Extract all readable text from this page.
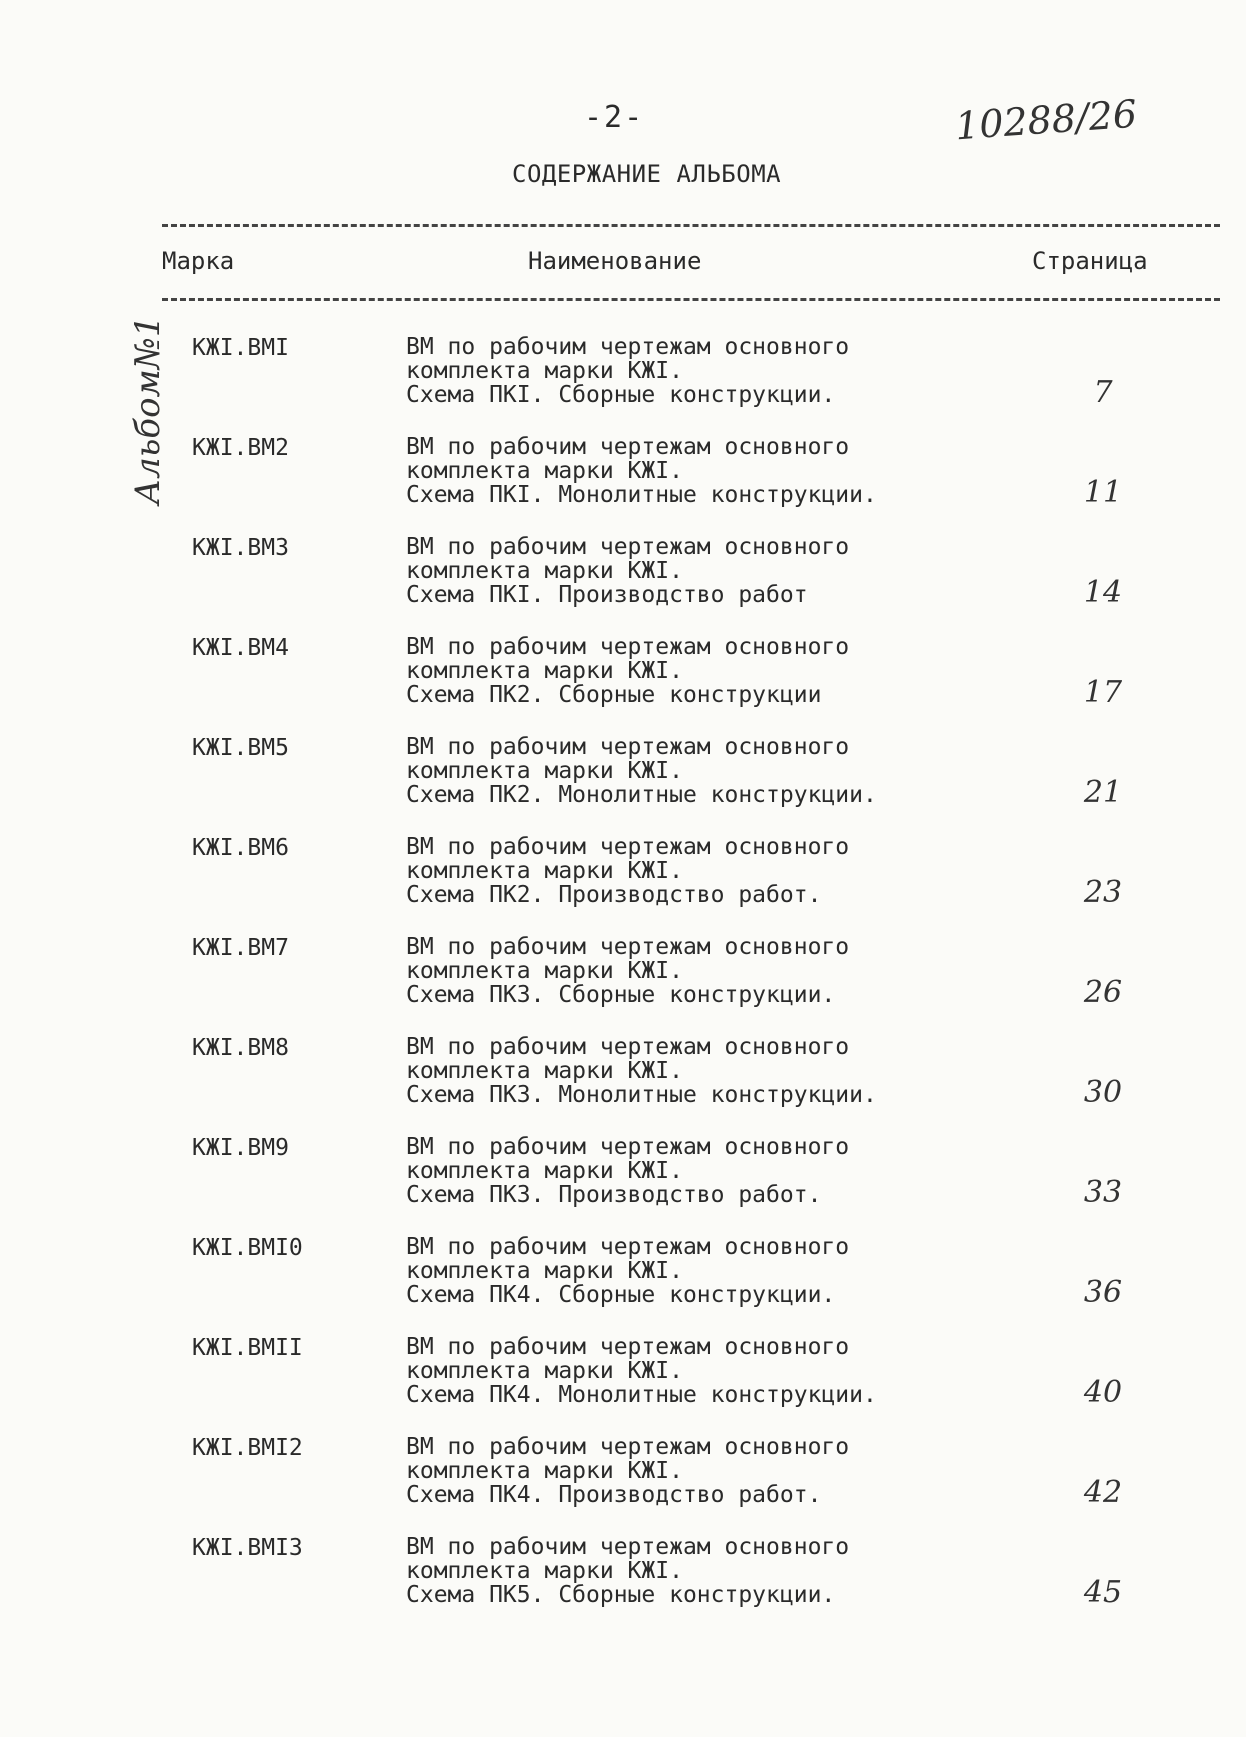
-2-	10288/26
СОДЕРЖАНИЕ АЛЬБОМА
Марка	Наименование	Страница
Альбом№1 КЖI.ВМI	ВМ по рабочим чертежам основного
комплекта марки КЖI.
Схема ПКI. Сборные конструкции.	7
КЖI.ВМ2	ВМ по рабочим чертежам основного
комплекта марки КЖI.
Схема ПКI. Монолитные конструкции.	11
КЖI.ВМ3	ВМ по рабочим чертежам основного
комплекта марки КЖI.
Схема ПКI. Производство работ	14
КЖI.ВМ4	ВМ по рабочим чертежам основного
комплекта марки КЖI.
Схема ПК2. Сборные конструкции	17
КЖI.ВМ5	ВМ по рабочим чертежам основного
комплекта марки КЖI.
Схема ПК2. Монолитные конструкции.	21
КЖI.ВМ6	ВМ по рабочим чертежам основного
комплекта марки КЖI.
Схема ПК2. Производство работ.	23
КЖI.ВМ7	ВМ по рабочим чертежам основного
комплекта марки КЖI.
Схема ПК3. Сборные конструкции.	26
КЖI.ВМ8	ВМ по рабочим чертежам основного
комплекта марки КЖI.
Схема ПК3. Монолитные конструкции.	30
КЖI.ВМ9	ВМ по рабочим чертежам основного
комплекта марки КЖI.
Схема ПК3. Производство работ.	33
КЖI.ВМI0	ВМ по рабочим чертежам основного
комплекта марки КЖI.
Схема ПК4. Сборные конструкции.	36
КЖI.ВМII	ВМ по рабочим чертежам основного
комплекта марки КЖI.
Схема ПК4. Монолитные конструкции.	40
КЖI.ВМI2	ВМ по рабочим чертежам основного
комплекта марки КЖI.
Схема ПК4. Производство работ.	42
КЖI.ВМI3	ВМ по рабочим чертежам основного
комплекта марки КЖI.
Схема ПК5. Сборные конструкции.	45
